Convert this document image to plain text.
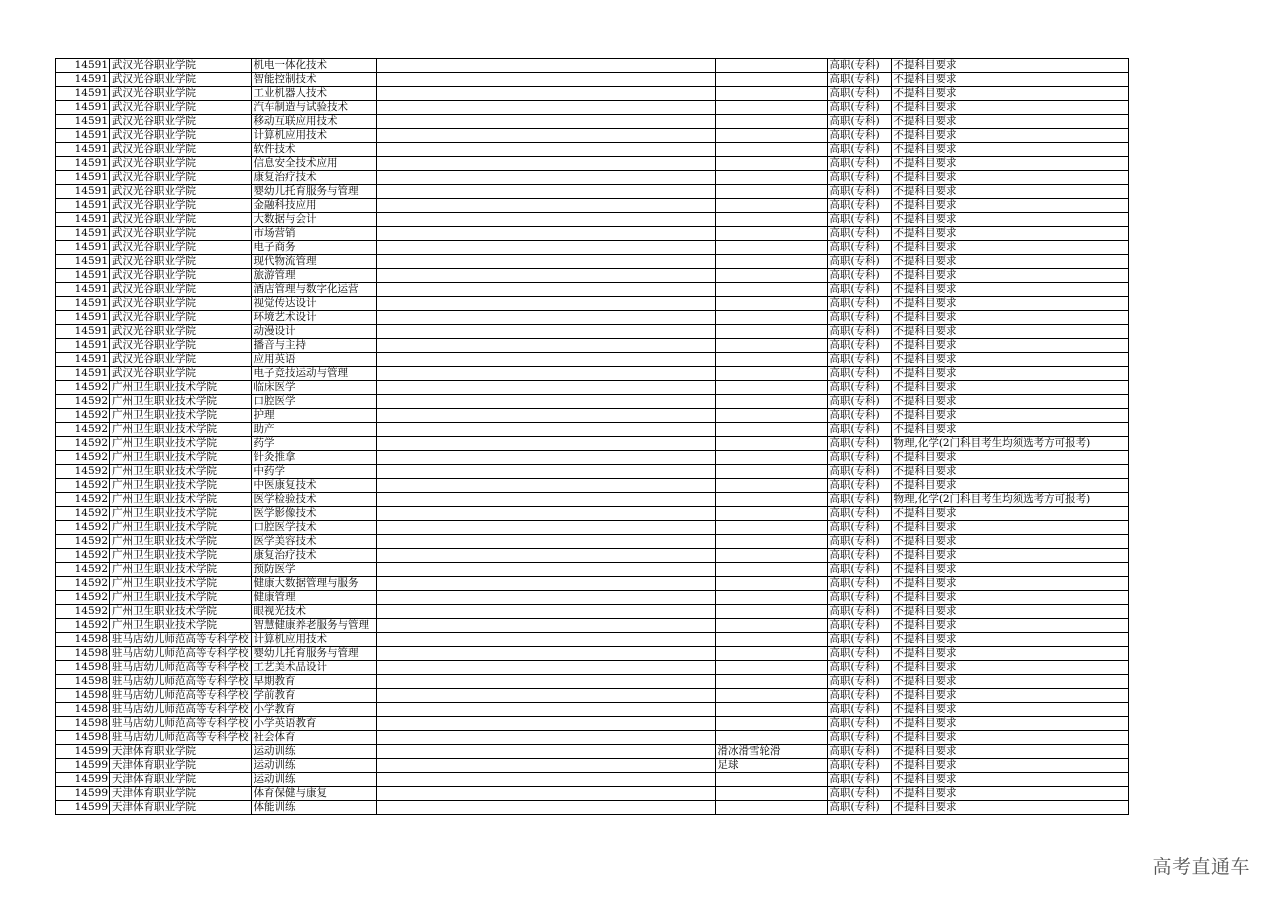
14591	武汉光谷职业学院	机电一体化技术			高职(专科)	不提科目要求
14591	武汉光谷职业学院	智能控制技术			高职(专科)	不提科目要求
14591	武汉光谷职业学院	工业机器人技术			高职(专科)	不提科目要求
14591	武汉光谷职业学院	汽车制造与试验技术			高职(专科)	不提科目要求
14591	武汉光谷职业学院	移动互联应用技术			高职(专科)	不提科目要求
14591	武汉光谷职业学院	计算机应用技术			高职(专科)	不提科目要求
14591	武汉光谷职业学院	软件技术			高职(专科)	不提科目要求
14591	武汉光谷职业学院	信息安全技术应用			高职(专科)	不提科目要求
14591	武汉光谷职业学院	康复治疗技术			高职(专科)	不提科目要求
14591	武汉光谷职业学院	婴幼儿托育服务与管理			高职(专科)	不提科目要求
14591	武汉光谷职业学院	金融科技应用			高职(专科)	不提科目要求
14591	武汉光谷职业学院	大数据与会计			高职(专科)	不提科目要求
14591	武汉光谷职业学院	市场营销			高职(专科)	不提科目要求
14591	武汉光谷职业学院	电子商务			高职(专科)	不提科目要求
14591	武汉光谷职业学院	现代物流管理			高职(专科)	不提科目要求
14591	武汉光谷职业学院	旅游管理			高职(专科)	不提科目要求
14591	武汉光谷职业学院	酒店管理与数字化运营			高职(专科)	不提科目要求
14591	武汉光谷职业学院	视觉传达设计			高职(专科)	不提科目要求
14591	武汉光谷职业学院	环境艺术设计			高职(专科)	不提科目要求
14591	武汉光谷职业学院	动漫设计			高职(专科)	不提科目要求
14591	武汉光谷职业学院	播音与主持			高职(专科)	不提科目要求
14591	武汉光谷职业学院	应用英语			高职(专科)	不提科目要求
14591	武汉光谷职业学院	电子竞技运动与管理			高职(专科)	不提科目要求
14592	广州卫生职业技术学院	临床医学			高职(专科)	不提科目要求
14592	广州卫生职业技术学院	口腔医学			高职(专科)	不提科目要求
14592	广州卫生职业技术学院	护理			高职(专科)	不提科目要求
14592	广州卫生职业技术学院	助产			高职(专科)	不提科目要求
14592	广州卫生职业技术学院	药学			高职(专科)	物理,化学(2门科目考生均须选考方可报考)
14592	广州卫生职业技术学院	针灸推拿			高职(专科)	不提科目要求
14592	广州卫生职业技术学院	中药学			高职(专科)	不提科目要求
14592	广州卫生职业技术学院	中医康复技术			高职(专科)	不提科目要求
14592	广州卫生职业技术学院	医学检验技术			高职(专科)	物理,化学(2门科目考生均须选考方可报考)
14592	广州卫生职业技术学院	医学影像技术			高职(专科)	不提科目要求
14592	广州卫生职业技术学院	口腔医学技术			高职(专科)	不提科目要求
14592	广州卫生职业技术学院	医学美容技术			高职(专科)	不提科目要求
14592	广州卫生职业技术学院	康复治疗技术			高职(专科)	不提科目要求
14592	广州卫生职业技术学院	预防医学			高职(专科)	不提科目要求
14592	广州卫生职业技术学院	健康大数据管理与服务			高职(专科)	不提科目要求
14592	广州卫生职业技术学院	健康管理			高职(专科)	不提科目要求
14592	广州卫生职业技术学院	眼视光技术			高职(专科)	不提科目要求
14592	广州卫生职业技术学院	智慧健康养老服务与管理			高职(专科)	不提科目要求
14598	驻马店幼儿师范高等专科学校	计算机应用技术			高职(专科)	不提科目要求
14598	驻马店幼儿师范高等专科学校	婴幼儿托育服务与管理			高职(专科)	不提科目要求
14598	驻马店幼儿师范高等专科学校	工艺美术品设计			高职(专科)	不提科目要求
14598	驻马店幼儿师范高等专科学校	早期教育			高职(专科)	不提科目要求
14598	驻马店幼儿师范高等专科学校	学前教育			高职(专科)	不提科目要求
14598	驻马店幼儿师范高等专科学校	小学教育			高职(专科)	不提科目要求
14598	驻马店幼儿师范高等专科学校	小学英语教育			高职(专科)	不提科目要求
14598	驻马店幼儿师范高等专科学校	社会体育			高职(专科)	不提科目要求
14599	天津体育职业学院	运动训练		滑冰滑雪轮滑	高职(专科)	不提科目要求
14599	天津体育职业学院	运动训练		足球	高职(专科)	不提科目要求
14599	天津体育职业学院	运动训练			高职(专科)	不提科目要求
14599	天津体育职业学院	体育保健与康复			高职(专科)	不提科目要求
14599	天津体育职业学院	体能训练			高职(专科)	不提科目要求
高考直通车
